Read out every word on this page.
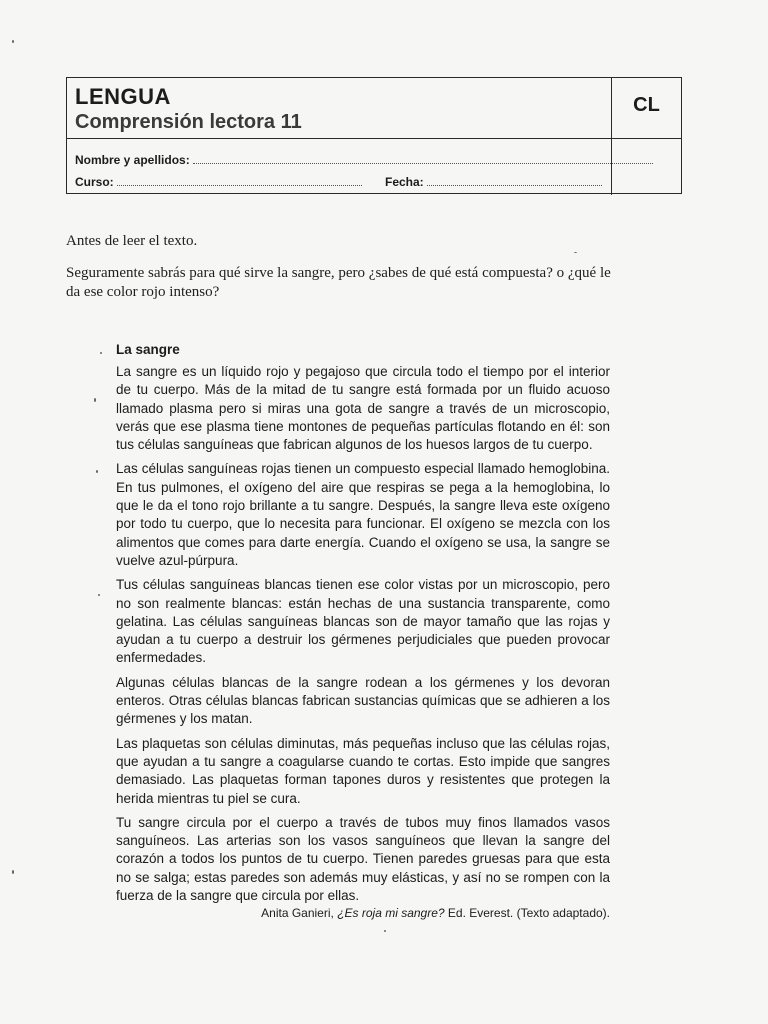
LENGUA
Comprensión lectora 11
CL
Nombre y apellidos:
Curso:	Fecha:
Antes de leer el texto.
Seguramente sabrás para qué sirve la sangre, pero ¿sabes de qué está compuesta? o ¿qué le da ese color rojo intenso?
La sangre

La sangre es un líquido rojo y pegajoso que circula todo el tiempo por el interior de tu cuerpo. Más de la mitad de tu sangre está formada por un fluido acuoso llamado plasma pero si miras una gota de sangre a través de un microscopio, verás que ese plasma tiene montones de pequeñas partículas flotando en él: son tus células sanguíneas que fabrican algunos de los huesos largos de tu cuerpo.

Las células sanguíneas rojas tienen un compuesto especial llamado hemoglobina. En tus pulmones, el oxígeno del aire que respiras se pega a la hemoglobina, lo que le da el tono rojo brillante a tu sangre. Después, la sangre lleva este oxígeno por todo tu cuerpo, que lo necesita para funcionar. El oxígeno se mezcla con los alimentos que comes para darte energía. Cuando el oxígeno se usa, la sangre se vuelve azul-púrpura.

Tus células sanguíneas blancas tienen ese color vistas por un microscopio, pero no son realmente blancas: están hechas de una sustancia transparente, como gelatina. Las células sanguíneas blancas son de mayor tamaño que las rojas y ayudan a tu cuerpo a destruir los gérmenes perjudiciales que pueden provocar enfermedades.

Algunas células blancas de la sangre rodean a los gérmenes y los devoran enteros. Otras células blancas fabrican sustancias químicas que se adhieren a los gérmenes y los matan.

Las plaquetas son células diminutas, más pequeñas incluso que las células rojas, que ayudan a tu sangre a coagularse cuando te cortas. Esto impide que sangres demasiado. Las plaquetas forman tapones duros y resistentes que protegen la herida mientras tu piel se cura.

Tu sangre circula por el cuerpo a través de tubos muy finos llamados vasos sanguíneos. Las arterias son los vasos sanguíneos que llevan la sangre del corazón a todos los puntos de tu cuerpo. Tienen paredes gruesas para que esta no se salga; estas paredes son además muy elásticas, y así no se rompen con la fuerza de la sangre que circula por ellas.

Anita Ganieri, ¿Es roja mi sangre? Ed. Everest. (Texto adaptado).
